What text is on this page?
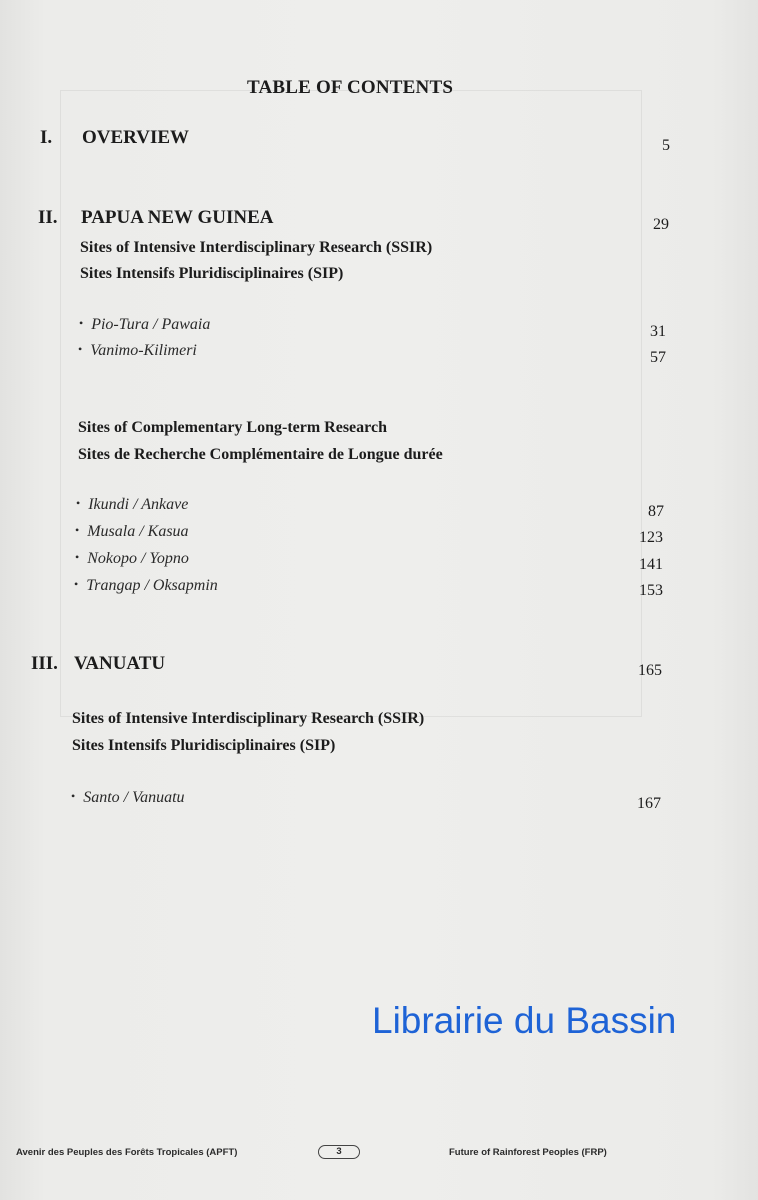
TABLE OF CONTENTS
I. OVERVIEW	5
II. PAPUA NEW GUINEA	29
Sites of Intensive Interdisciplinary Research (SSIR)
Sites Intensifs Pluridisciplinaires (SIP)
• Pio-Tura / Pawaia	31
• Vanimo-Kilimeri	57
Sites of Complementary Long-term Research
Sites de Recherche Complémentaire de Longue durée
• Ikundi / Ankave	87
• Musala / Kasua	123
• Nokopo / Yopno	141
• Trangap / Oksapmin	153
III. VANUATU	165
Sites of Intensive Interdisciplinary Research (SSIR)
Sites Intensifs Pluridisciplinaires (SIP)
• Santo / Vanuatu	167
Librairie du Bassin
Avenir des Peuples des Forêts Tropicales (APFT)	3	Future of Rainforest Peoples (FRP)
